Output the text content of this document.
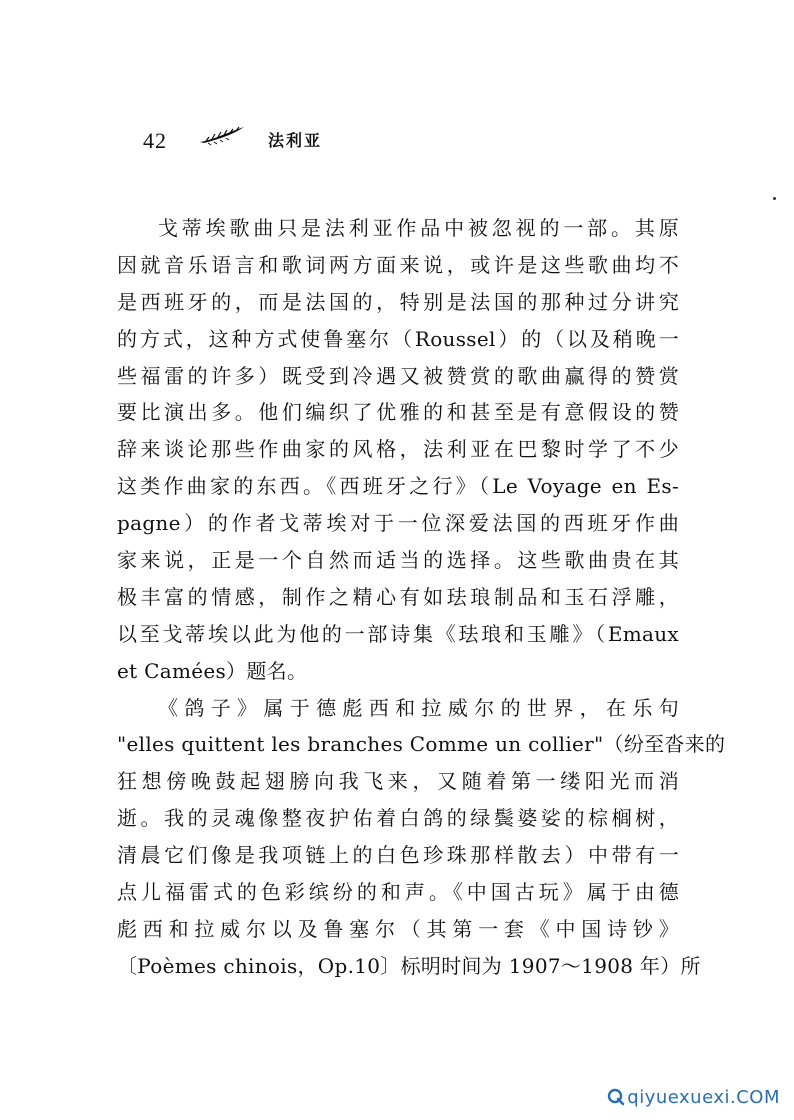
42	法利亚
戈蒂埃歌曲只是法利亚作品中被忽视的一部。其原
因就音乐语言和歌词两方面来说，或许是这些歌曲均不
是西班牙的，而是法国的，特别是法国的那种过分讲究
的方式，这种方式使鲁塞尔（Roussel）的（以及稍晚一
些福雷的许多）既受到冷遇又被赞赏的歌曲赢得的赞赏
要比演出多。他们编织了优雅的和甚至是有意假设的赞
辞来谈论那些作曲家的风格，法利亚在巴黎时学了不少
这类作曲家的东西。《西班牙之行》（Le Voyage en Es-
pagne）的作者戈蒂埃对于一位深爱法国的西班牙作曲
家来说，正是一个自然而适当的选择。这些歌曲贵在其
极丰富的情感，制作之精心有如珐琅制品和玉石浮雕，
以至戈蒂埃以此为他的一部诗集《珐琅和玉雕》（Emaux
et Camées）题名。
《鸽子》属于德彪西和拉威尔的世界，在乐句
"elles quittent les branches Comme un collier"（纷至沓来的
狂想傍晚鼓起翅膀向我飞来，又随着第一缕阳光而消
逝。我的灵魂像整夜护佑着白鸽的绿鬓婆娑的棕榈树，
清晨它们像是我项链上的白色珍珠那样散去）中带有一
点儿福雷式的色彩缤纷的和声。《中国古玩》属于由德
彪西和拉威尔以及鲁塞尔（其第一套《中国诗钞》
〔Poèmes chinois，Op.10〕标明时间为 1907～1908 年）所
qiyuexuexi.COM
